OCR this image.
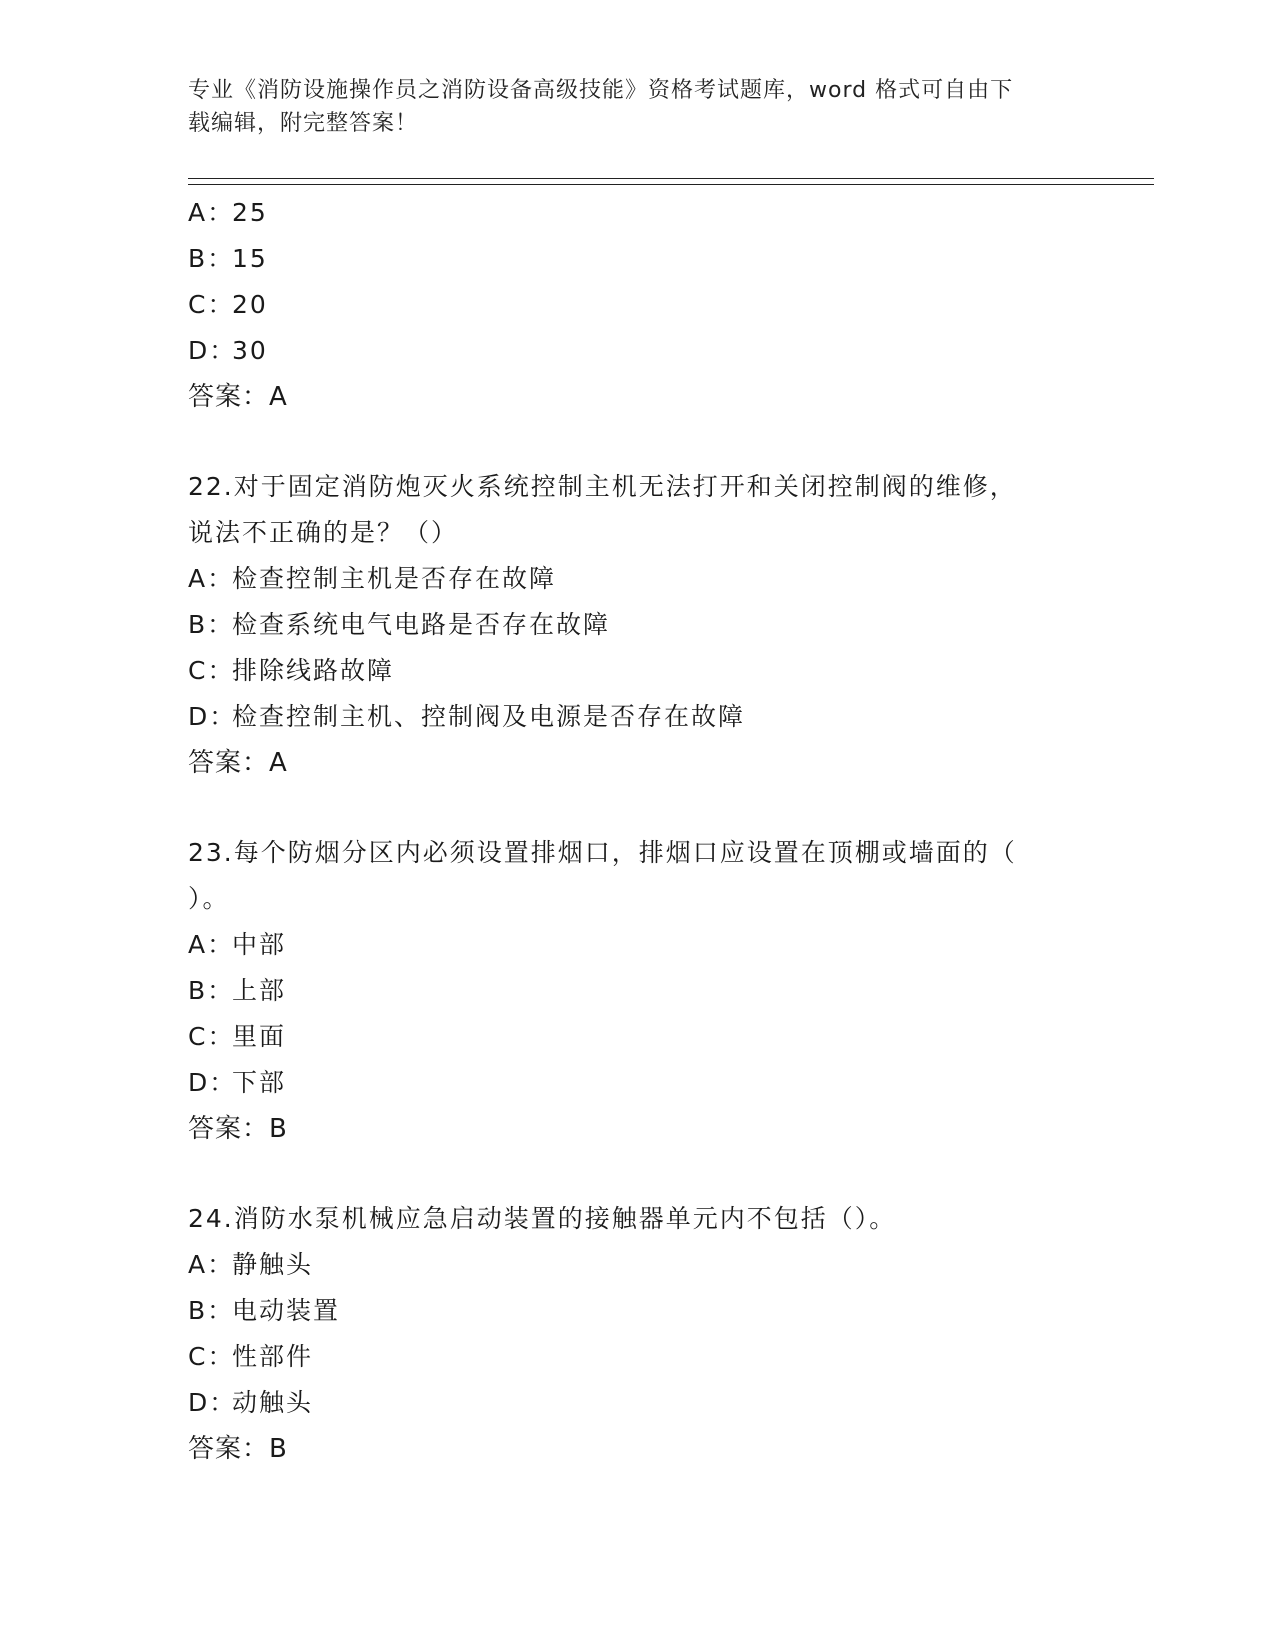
专业《消防设施操作员之消防设备高级技能》资格考试题库，word 格式可自由下
载编辑，附完整答案！
A：25
B：15
C：20
D：30
答案：A
22.对于固定消防炮灭火系统控制主机无法打开和关闭控制阀的维修，
说法不正确的是？（）
A：检查控制主机是否存在故障
B：检查系统电气电路是否存在故障
C：排除线路故障
D：检查控制主机、控制阀及电源是否存在故障
答案：A
23.每个防烟分区内必须设置排烟口，排烟口应设置在顶棚或墙面的（
）。
A：中部
B：上部
C：里面
D：下部
答案：B
24.消防水泵机械应急启动装置的接触器单元内不包括（）。
A：静触头
B：电动装置
C：性部件
D：动触头
答案：B
